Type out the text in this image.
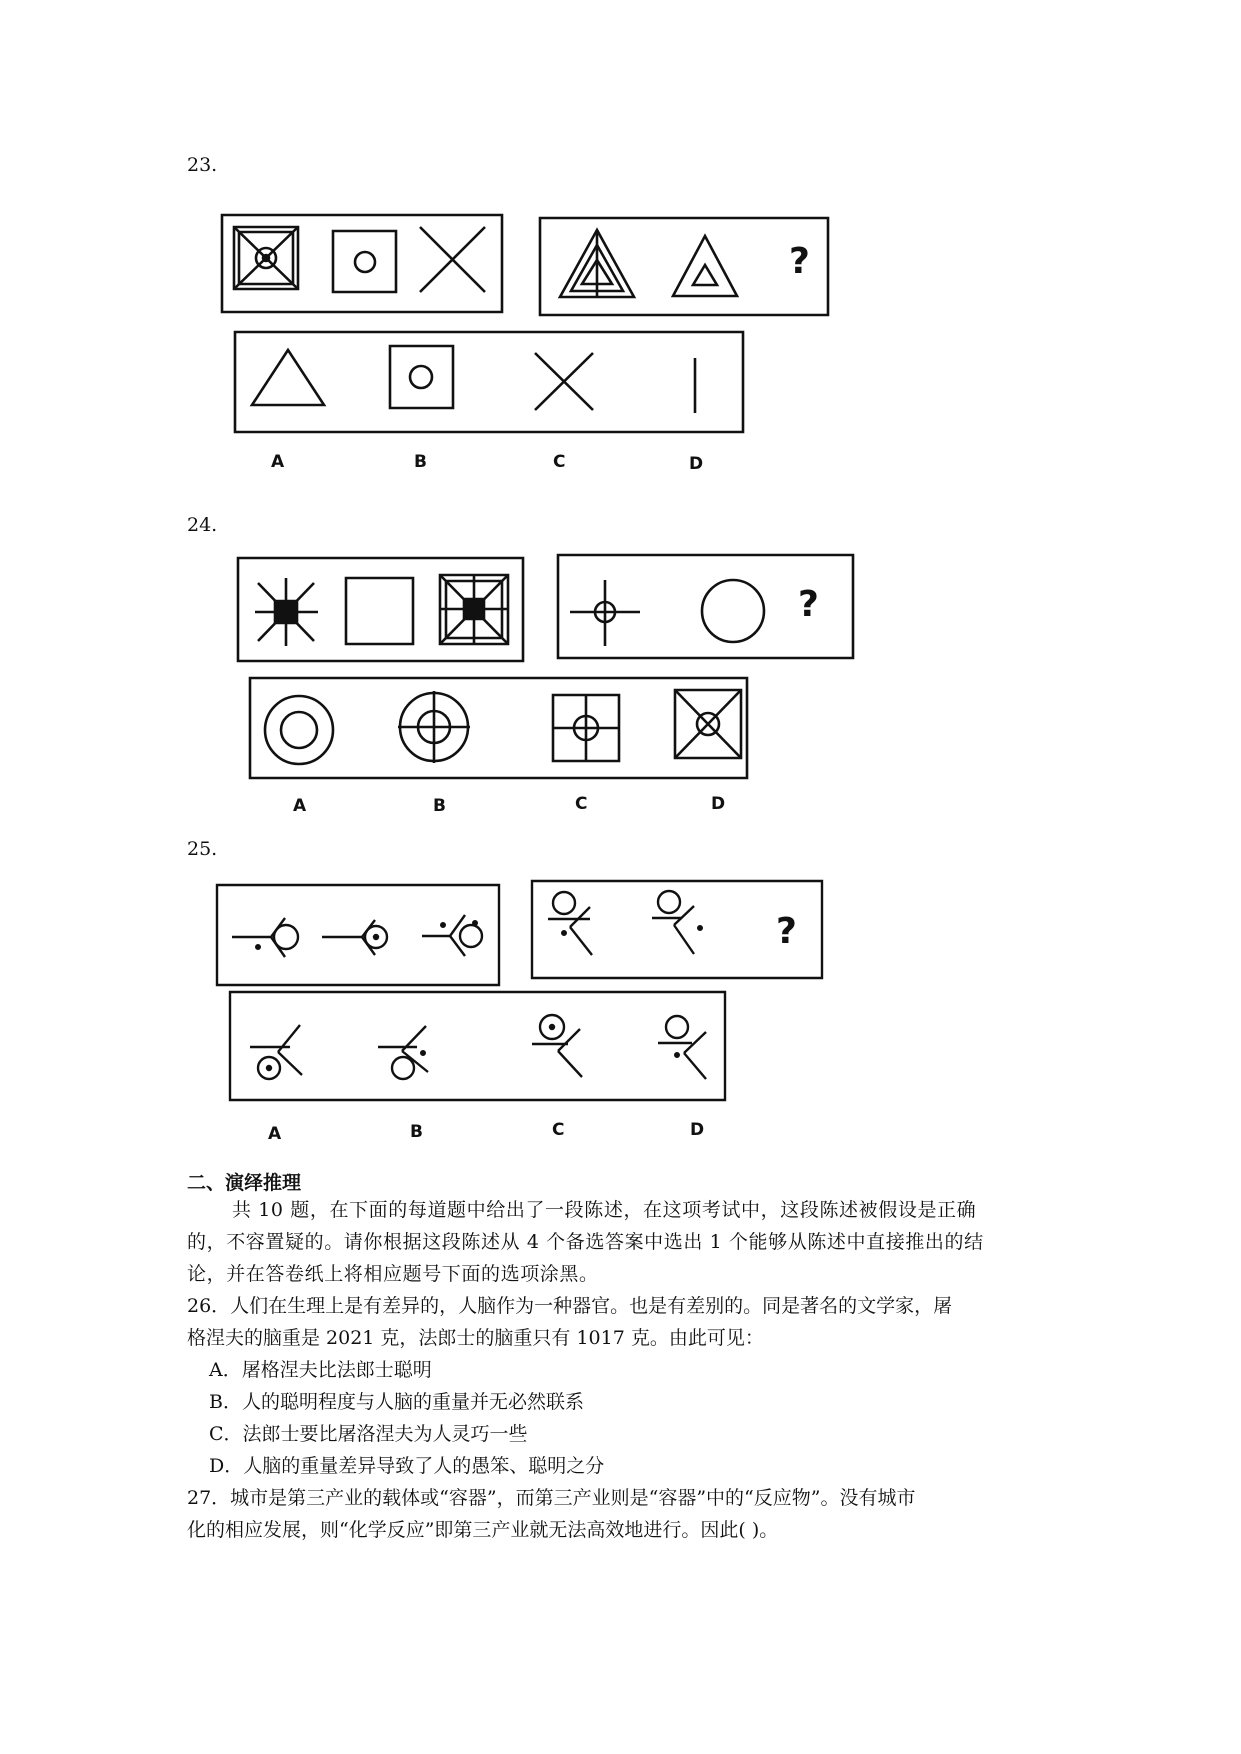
23.
?
A	B	C	D
24.
?
A	B	C	D
25.
?
A	B	C	D
二、演绎推理
共 10 题，在下面的每道题中给出了一段陈述，在这项考试中，这段陈述被假设是正确
的，不容置疑的。请你根据这段陈述从 4 个备选答案中选出 1 个能够从陈述中直接推出的结
论，并在答卷纸上将相应题号下面的选项涂黑。
26．人们在生理上是有差异的，人脑作为一种器官。也是有差别的。同是著名的文学家，屠
格涅夫的脑重是 2021 克，法郎士的脑重只有 1017 克。由此可见：
A．屠格涅夫比法郎士聪明
B．人的聪明程度与人脑的重量并无必然联系
C．法郎士要比屠洛涅夫为人灵巧一些
D．人脑的重量差异导致了人的愚笨、聪明之分
27．城市是第三产业的载体或“容器”，而第三产业则是“容器”中的“反应物”。没有城市
化的相应发展，则“化学反应”即第三产业就无法高效地进行。因此( )。
